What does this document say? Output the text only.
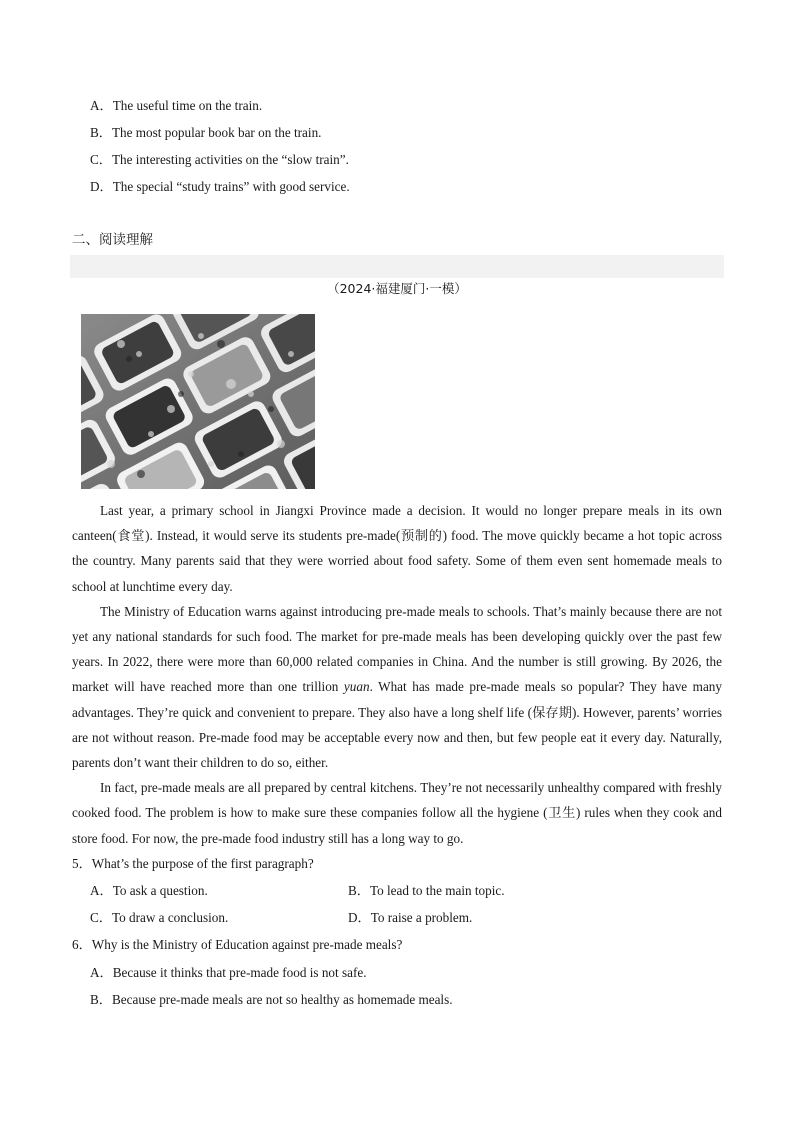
A．The useful time on the train.
B．The most popular book bar on the train.
C．The interesting activities on the “slow train”.
D．The special “study trains” with good service.
二、阅读理解
（2024·福建厦门·一模）

Last year, a primary school in Jiangxi Province made a decision. It would no longer prepare meals in its own canteen(食堂). Instead, it would serve its students pre-made(预制的) food. The move quickly became a hot topic across the country. Many parents said that they were worried about food safety. Some of them even sent homemade meals to school at lunchtime every day.

The Ministry of Education warns against introducing pre-made meals to schools. That’s mainly because there are not yet any national standards for such food. The market for pre-made meals has been developing quickly over the past few years. In 2022, there were more than 60,000 related companies in China. And the number is still growing. By 2026, the market will have reached more than one trillion yuan. What has made pre-made meals so popular? They have many advantages. They’re quick and convenient to prepare. They also have a long shelf life (保存期). However, parents’ worries are not without reason. Pre-made food may be acceptable every now and then, but few people eat it every day. Naturally, parents don’t want their children to do so, either.

In fact, pre-made meals are all prepared by central kitchens. They’re not necessarily unhealthy compared with freshly cooked food. The problem is how to make sure these companies follow all the hygiene (卫生) rules when they cook and store food. For now, the pre-made food industry still has a long way to go.

5．What’s the purpose of the first paragraph?
A．To ask a question.	B．To lead to the main topic.
C．To draw a conclusion.	D．To raise a problem.
6．Why is the Ministry of Education against pre-made meals?
A．Because it thinks that pre-made food is not safe.
B．Because pre-made meals are not so healthy as homemade meals.
